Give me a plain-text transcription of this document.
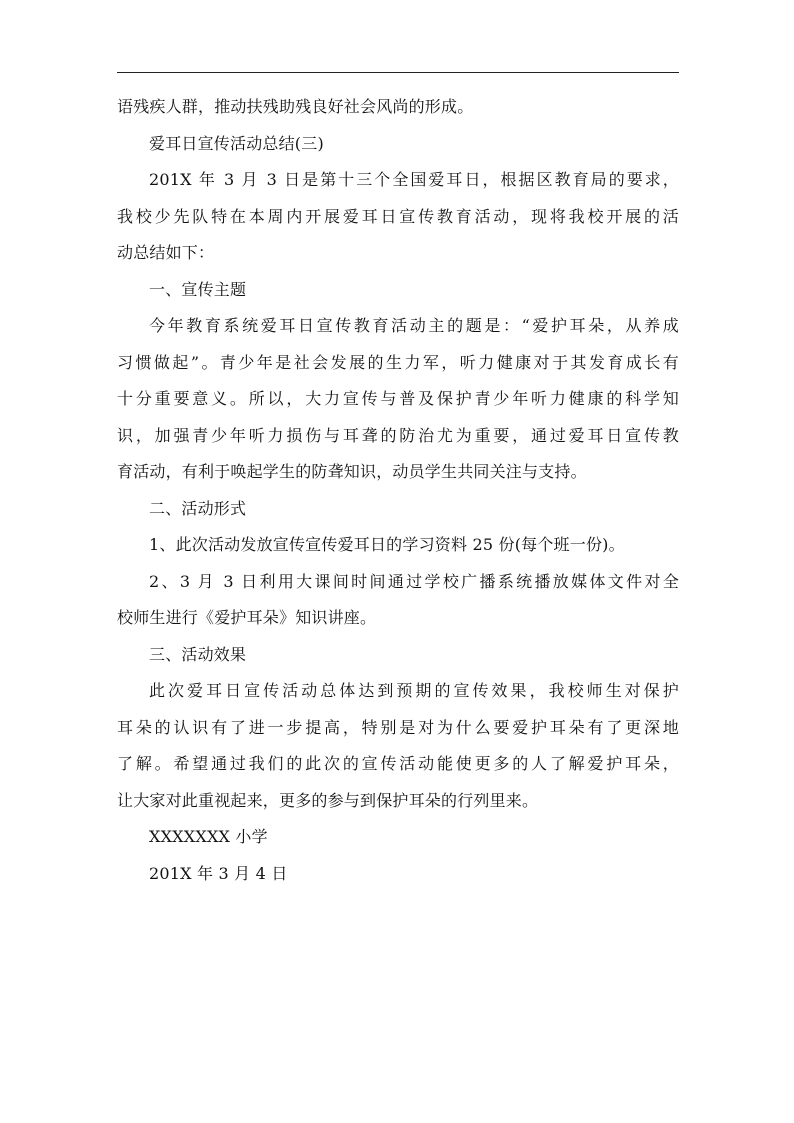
语残疾人群，推动扶残助残良好社会风尚的形成。
爱耳日宣传活动总结(三)
201X 年 3 月 3 日是第十三个全国爱耳日，根据区教育局的要求，
我校少先队特在本周内开展爱耳日宣传教育活动，现将我校开展的活
动总结如下：
一、宣传主题
今年教育系统爱耳日宣传教育活动主的题是：“爱护耳朵，从养成
习惯做起”。青少年是社会发展的生力军，听力健康对于其发育成长有
十分重要意义。所以，大力宣传与普及保护青少年听力健康的科学知
识，加强青少年听力损伤与耳聋的防治尤为重要，通过爱耳日宣传教
育活动，有利于唤起学生的防聋知识，动员学生共同关注与支持。
二、活动形式
1、此次活动发放宣传宣传爱耳日的学习资料 25 份(每个班一份)。
2、3 月 3 日利用大课间时间通过学校广播系统播放媒体文件对全
校师生进行《爱护耳朵》知识讲座。
三、活动效果
此次爱耳日宣传活动总体达到预期的宣传效果，我校师生对保护
耳朵的认识有了进一步提高，特别是对为什么要爱护耳朵有了更深地
了解。希望通过我们的此次的宣传活动能使更多的人了解爱护耳朵，
让大家对此重视起来，更多的参与到保护耳朵的行列里来。
XXXXXXX 小学
201X 年 3 月 4 日
